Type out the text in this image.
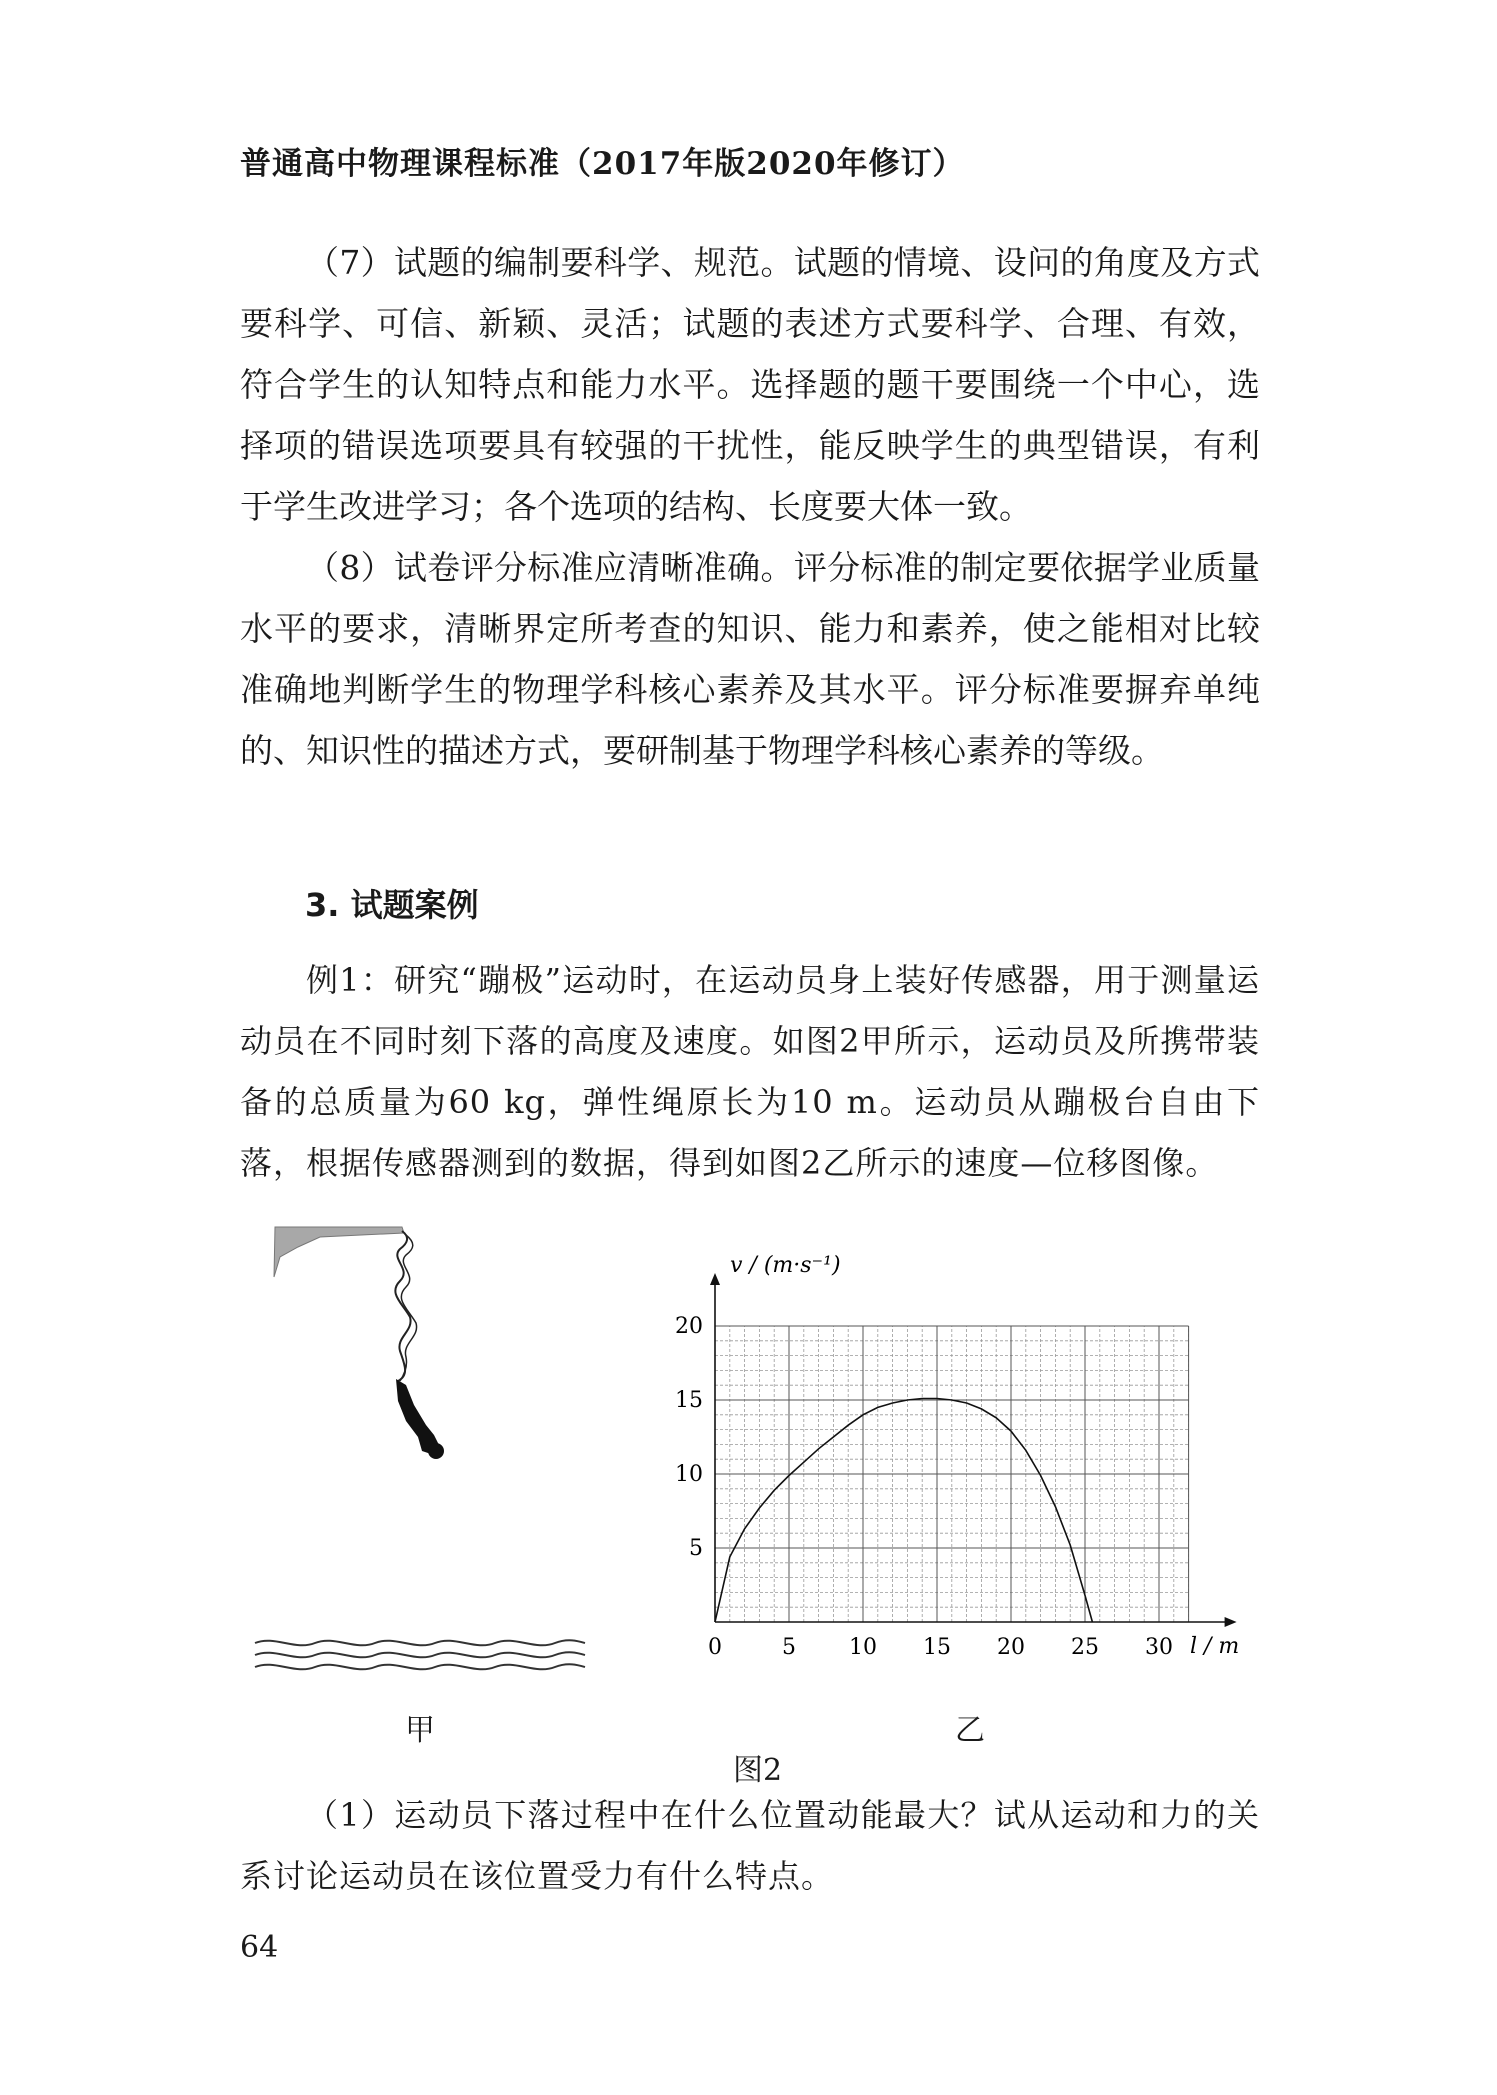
普通高中物理课程标准（2017年版2020年修订）

（7）试题的编制要科学、规范。试题的情境、设问的角度及方式要科学、可信、新颖、灵活；试题的表述方式要科学、合理、有效，符合学生的认知特点和能力水平。选择题的题干要围绕一个中心，选择项的错误选项要具有较强的干扰性，能反映学生的典型错误，有利于学生改进学习；各个选项的结构、长度要大体一致。

（8）试卷评分标准应清晰准确。评分标准的制定要依据学业质量水平的要求，清晰界定所考查的知识、能力和素养，使之能相对比较准确地判断学生的物理学科核心素养及其水平。评分标准要摒弃单纯的、知识性的描述方式，要研制基于物理学科核心素养的等级。

3. 试题案例

例1：研究“蹦极”运动时，在运动员身上装好传感器，用于测量运动员在不同时刻下落的高度及速度。如图2甲所示，运动员及所携带装备的总质量为60 kg，弹性绳原长为10 m。运动员从蹦极台自由下落，根据传感器测到的数据，得到如图2乙所示的速度—位移图像。

甲
0	5 10 15 20 25 30
5
10
15
20
v / (m·s⁻¹)
l / m
乙
图2

（1）运动员下落过程中在什么位置动能最大？试从运动和力的关系讨论运动员在该位置受力有什么特点。

64
